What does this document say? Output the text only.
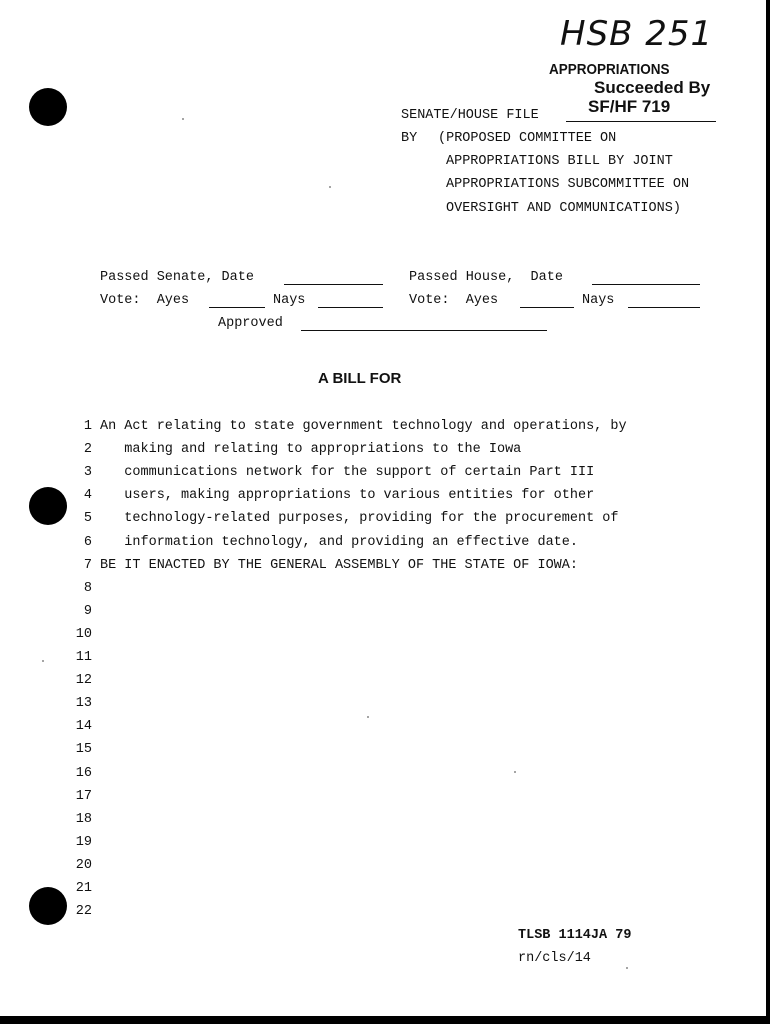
HSB 251
APPROPRIATIONS
Succeeded By
SENATE/HOUSE FILE	SF/HF 719
BY (PROPOSED COMMITTEE ON
APPROPRIATIONS BILL BY JOINT
APPROPRIATIONS SUBCOMMITTEE ON
OVERSIGHT AND COMMUNICATIONS)
Passed Senate, Date	Passed House,  Date
Vote:  Ayes	Nays	Vote:  Ayes	Nays
Approved
A BILL FOR
1 An Act relating to state government technology and operations, by
2 making and relating to appropriations to the Iowa
3 communications network for the support of certain Part III
4 users, making appropriations to various entities for other
5 technology-related purposes, providing for the procurement of
6 information technology, and providing an effective date.
7 BE IT ENACTED BY THE GENERAL ASSEMBLY OF THE STATE OF IOWA:
8
9
10
11
12
13
14
15
16
17
18
19
20
21
22
TLSB 1114JA 79
rn/cls/14
